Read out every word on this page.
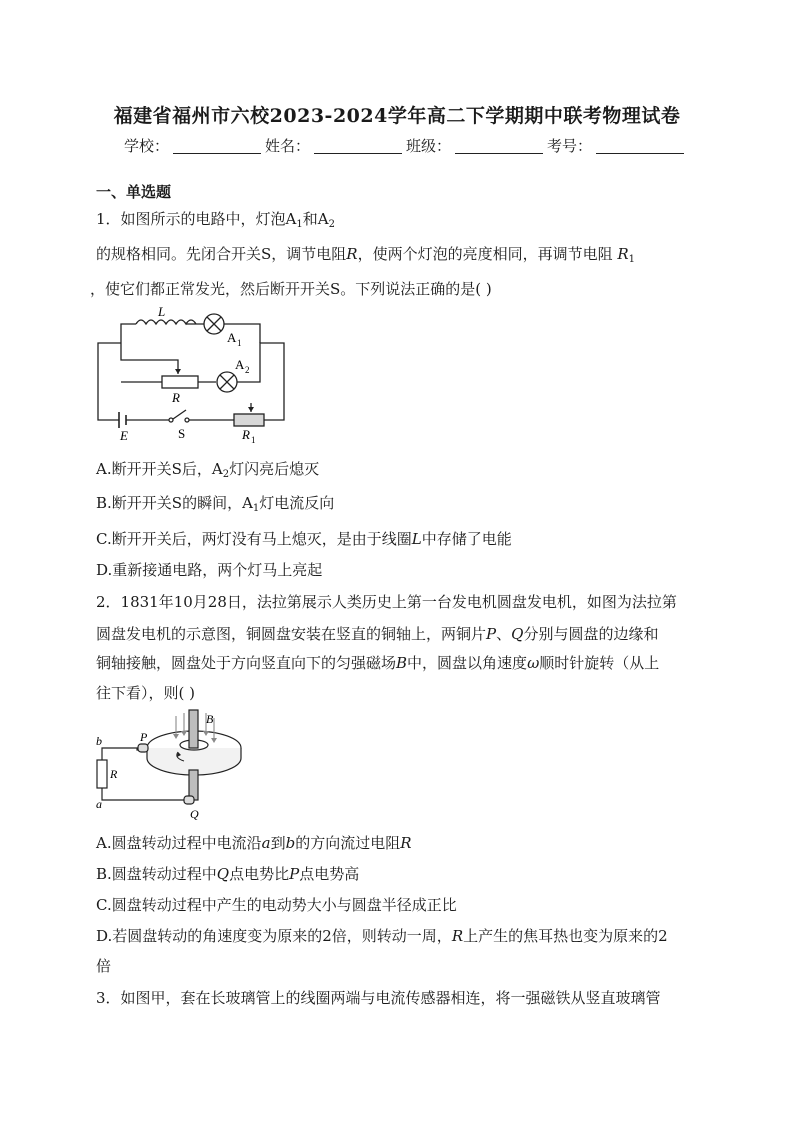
福建省福州市六校2023-2024学年高二下学期期中联考物理试卷
学校：	姓名：	班级：	考号：
一、单选题
1．如图所示的电路中，灯泡$A_1$和$A_2$
的规格相同。先闭合开关S，调节电阻R，使两个灯泡的亮度相同，再调节电阻 $R_1$
，使它们都正常发光，然后断开开关S。下列说法正确的是( )
L
A 1
A 2
R
E	S	R 1
A.断开开关S后，$A_2$灯闪亮后熄灭
B.断开开关S的瞬间，$A_1$灯电流反向
C.断开开关后，两灯没有马上熄灭，是由于线圈L中存储了电能
D.重新接通电路，两个灯马上亮起
2．1831年10月28日，法拉第展示人类历史上第一台发电机圆盘发电机，如图为法拉第
圆盘发电机的示意图，铜圆盘安装在竖直的铜轴上，两铜片P、Q分别与圆盘的边缘和
铜轴接触，圆盘处于方向竖直向下的匀强磁场B中，圆盘以角速度ω顺时针旋转（从上
往下看），则( )
b	P
B
R
a
Q
A.圆盘转动过程中电流沿a到b的方向流过电阻R
B.圆盘转动过程中Q点电势比P点电势高
C.圆盘转动过程中产生的电动势大小与圆盘半径成正比
D.若圆盘转动的角速度变为原来的2倍，则转动一周，R上产生的焦耳热也变为原来的2
倍
3．如图甲，套在长玻璃管上的线圈两端与电流传感器相连，将一强磁铁从竖直玻璃管
